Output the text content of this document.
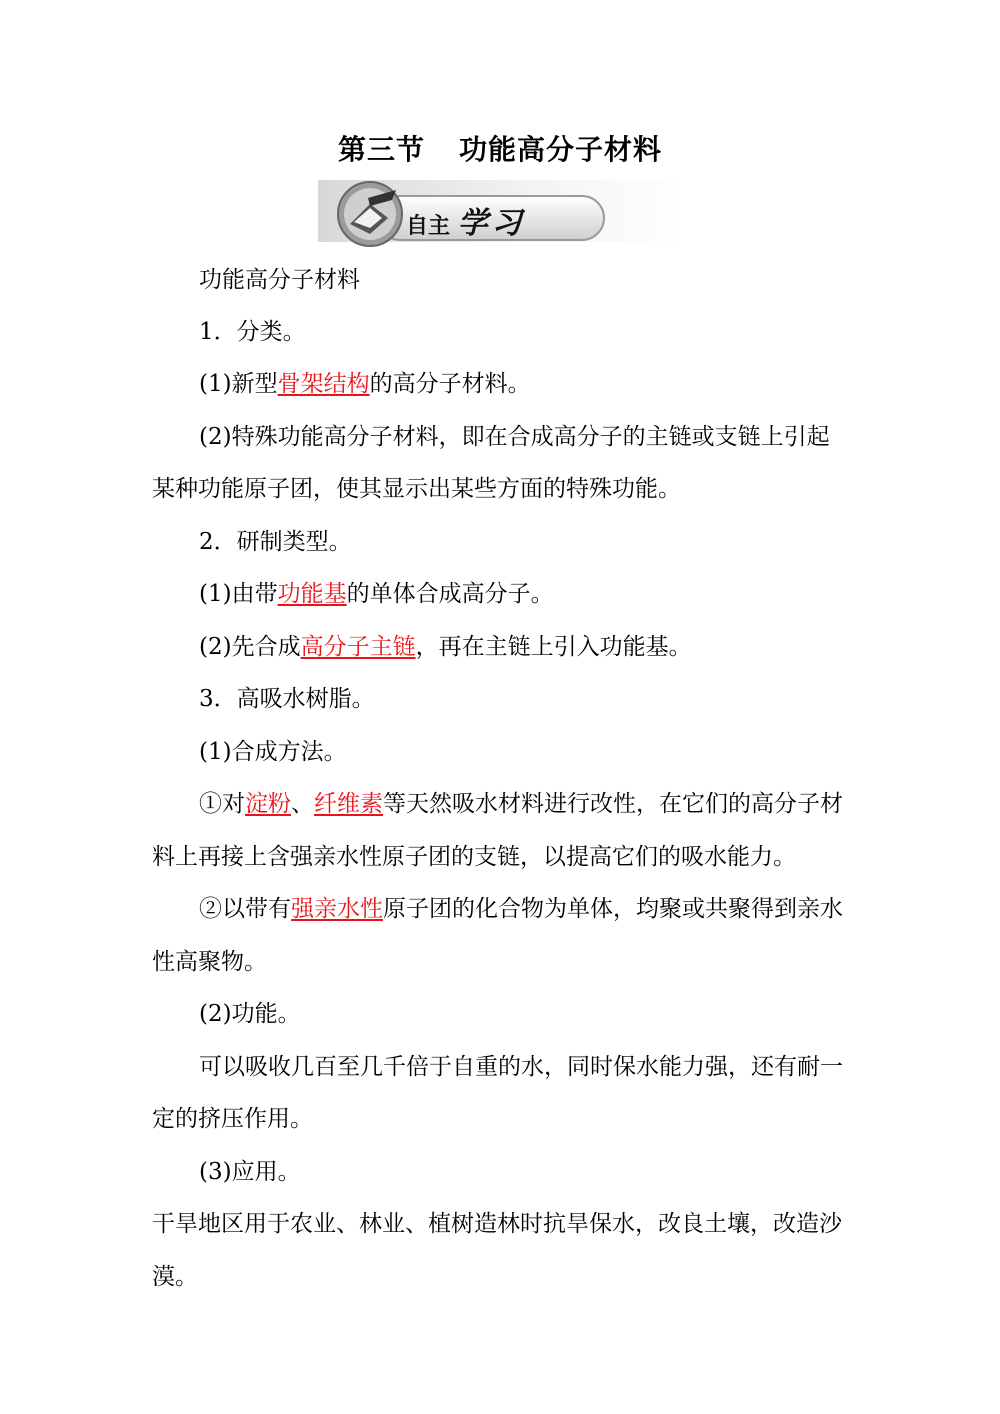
第三节 功能高分子材料
自主 学习
功能高分子材料
1．分类。
(1)新型骨架结构的高分子材料。
(2)特殊功能高分子材料，即在合成高分子的主链或支链上引起
某种功能原子团，使其显示出某些方面的特殊功能。
2．研制类型。
(1)由带功能基的单体合成高分子。
(2)先合成高分子主链，再在主链上引入功能基。
3．高吸水树脂。
(1)合成方法。
①对淀粉、纤维素等天然吸水材料进行改性，在它们的高分子材
料上再接上含强亲水性原子团的支链，以提高它们的吸水能力。
②以带有强亲水性原子团的化合物为单体，均聚或共聚得到亲水
性高聚物。
(2)功能。
可以吸收几百至几千倍于自重的水，同时保水能力强，还有耐一
定的挤压作用。
(3)应用。
干旱地区用于农业、林业、植树造林时抗旱保水，改良土壤，改造沙
漠。
